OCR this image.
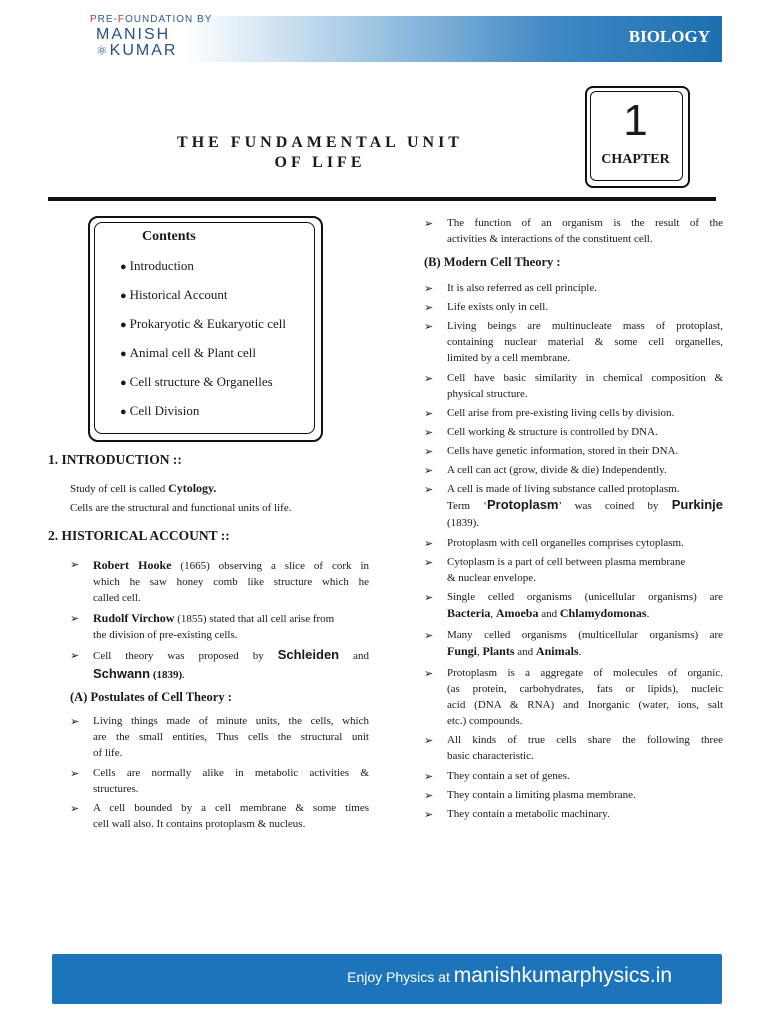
PRE-FOUNDATION BY
MANISH
⚛KUMAR
BIOLOGY
1
CHAPTER
THE FUNDAMENTAL UNIT
OF LIFE
Contents
● Introduction
● Historical Account
● Prokaryotic & Eukaryotic cell
● Animal cell & Plant cell
● Cell structure & Organelles
● Cell Division
1. INTRODUCTION ::
Study of cell is called Cytology.
Cells are the structural and functional units of life.
2. HISTORICAL ACCOUNT ::
➢ Robert Hooke (1665) observing a slice of cork in
which he saw honey comb like structure which he
called cell.
➢ Rudolf Virchow (1855) stated that all cell arise from
the division of pre-existing cells.
➢ Cell theory was proposed by Schleiden and
Schwann (1839).
(A) Postulates of Cell Theory :
➢ Living things made of minute units, the cells, which
are the small entities, Thus cells the structural unit
of life.
➢ Cells are normally alike in metabolic activities &
structures.
➢ A cell bounded by a cell membrane & some times
cell wall also. It contains protoplasm & nucleus.
➢ The function of an organism is the result of the
activities & interactions of the constituent cell.
(B) Modern Cell Theory :
➢ It is also referred as cell principle.
➢ Life exists only in cell.
➢ Living beings are multinucleate mass of protoplast,
containing nuclear material & some cell organelles,
limited by a cell membrane.
➢ Cell have basic similarity in chemical composition &
physical structure.
➢ Cell arise from pre-existing living cells by division.
➢ Cell working & structure is controlled by DNA.
➢ Cells have genetic information, stored in their DNA.
➢ A cell can act (grow, divide & die) Independently.
➢ A cell is made of living substance called protoplasm.
Term ‘Protoplasm’ was coined by Purkinje
(1839).
➢ Protoplasm with cell organelles comprises cytoplasm.
➢ Cytoplasm is a part of cell between plasma membrane
& nuclear envelope.
➢ Single celled organisms (unicellular organisms) are
Bacteria, Amoeba and Chlamydomonas.
➢ Many celled organisms (multicellular organisms) are
Fungi, Plants and Animals.
➢ Protoplasm is a aggregate of molecules of organic.
(as protein, carbohydrates, fats or lipids), nucleic
acid (DNA & RNA) and Inorganic (water, ions, salt
etc.) compounds.
➢ All kinds of true cells share the following three
basic characteristic.
➢ They contain a set of genes.
➢ They contain a limiting plasma membrane.
➢ They contain a metabolic machinary.
Enjoy Physics at manishkumarphysics.in
